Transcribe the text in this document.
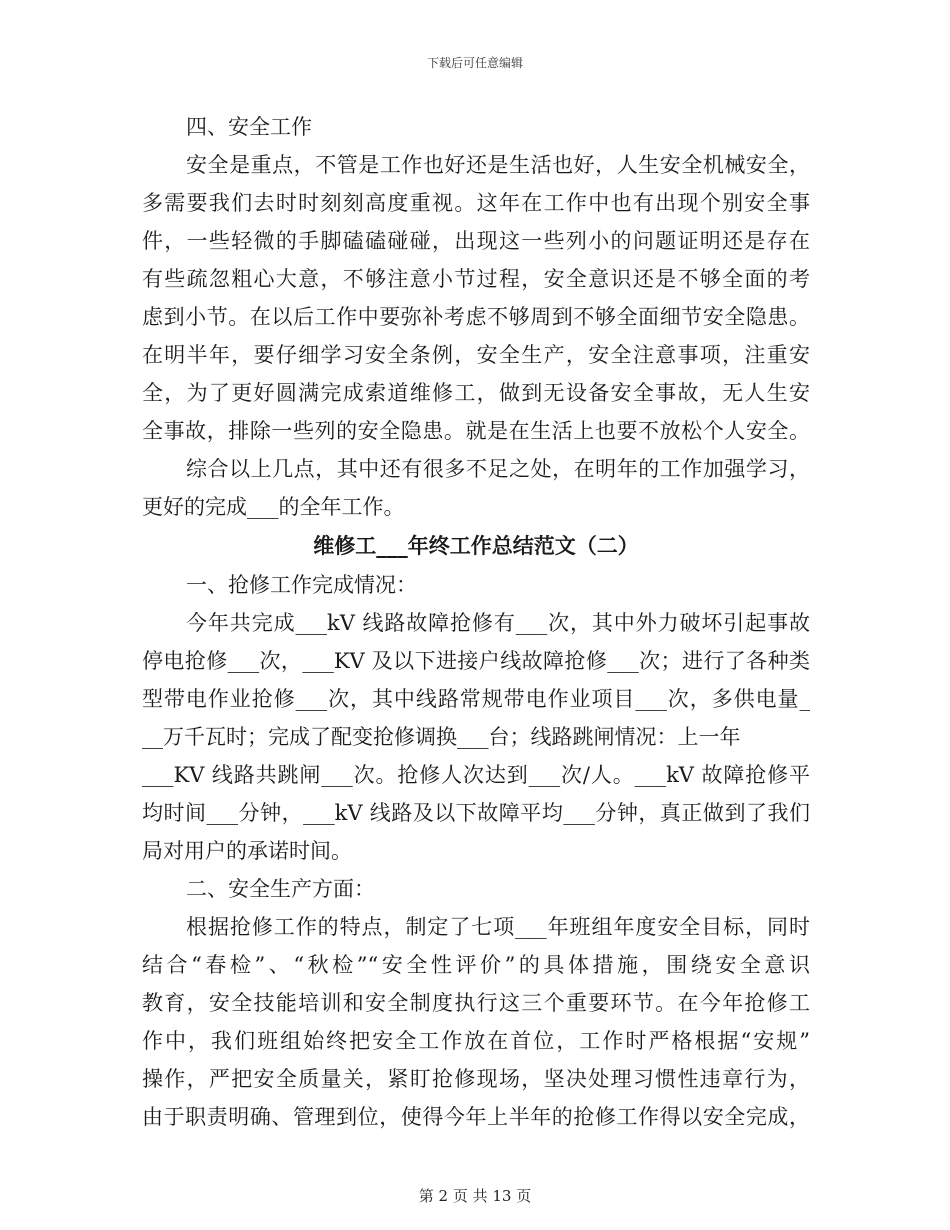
下载后可任意编辑
四、安全工作
安全是重点，不管是工作也好还是生活也好，人生安全机械安全，
多需要我们去时时刻刻高度重视。这年在工作中也有出现个别安全事
件，一些轻微的手脚磕磕碰碰，出现这一些列小的问题证明还是存在
有些疏忽粗心大意，不够注意小节过程，安全意识还是不够全面的考
虑到小节。在以后工作中要弥补考虑不够周到不够全面细节安全隐患。
在明半年，要仔细学习安全条例，安全生产，安全注意事项，注重安
全，为了更好圆满完成索道维修工，做到无设备安全事故，无人生安
全事故，排除一些列的安全隐患。就是在生活上也要不放松个人安全。
综合以上几点，其中还有很多不足之处，在明年的工作加强学习，
更好的完成___的全年工作。
维修工___年终工作总结范文（二）
一、抢修工作完成情况：
今年共完成___kV 线路故障抢修有___次，其中外力破坏引起事故
停电抢修___次，___KV 及以下进接户线故障抢修___次；进行了各种类
型带电作业抢修___次，其中线路常规带电作业项目___次，多供电量_
__万千瓦时；完成了配变抢修调换___台；线路跳闸情况：上一年
___KV 线路共跳闸___次。抢修人次达到___次/人。___kV 故障抢修平
均时间___分钟，___kV 线路及以下故障平均___分钟，真正做到了我们
局对用户的承诺时间。
二、安全生产方面：
根据抢修工作的特点，制定了七项___年班组年度安全目标，同时
结合“春检”、“秋检”“安全性评价”的具体措施，围绕安全意识
教育，安全技能培训和安全制度执行这三个重要环节。在今年抢修工
作中，我们班组始终把安全工作放在首位，工作时严格根据“安规”
操作，严把安全质量关，紧盯抢修现场，坚决处理习惯性违章行为，
由于职责明确、管理到位，使得今年上半年的抢修工作得以安全完成，
第 2 页 共 13 页
